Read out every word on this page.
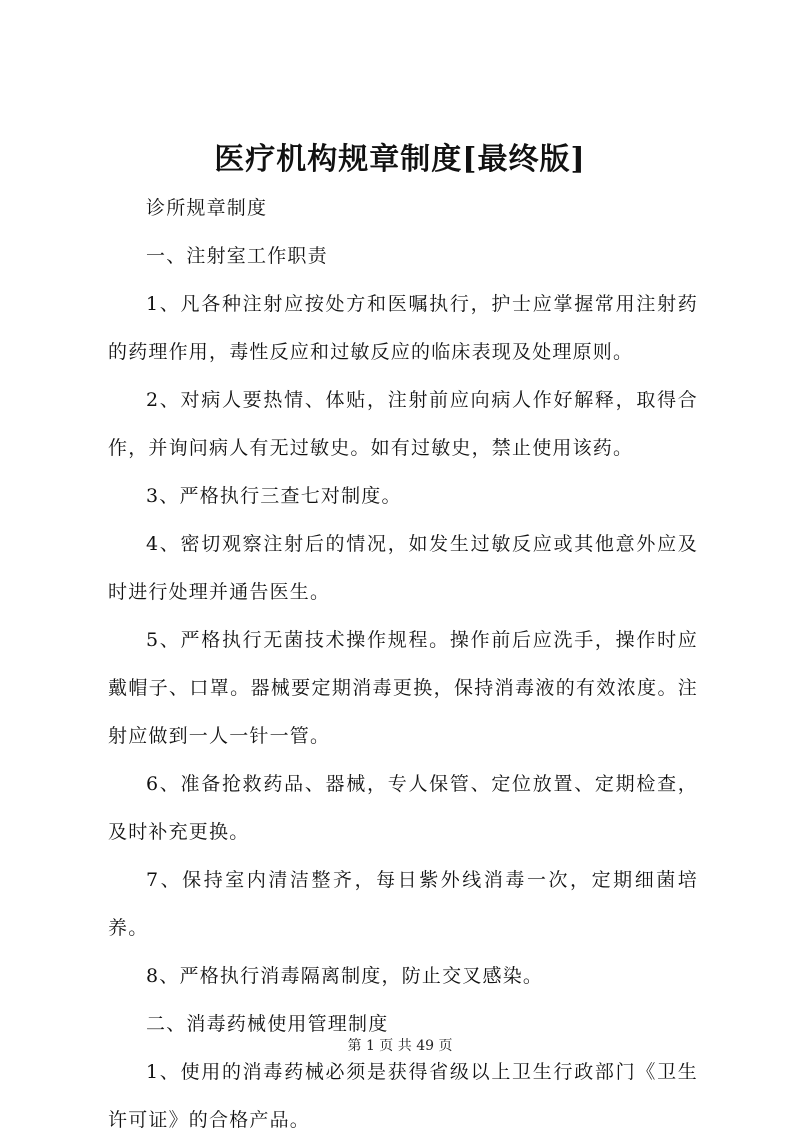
医疗机构规章制度[最终版]

诊所规章制度

一、注射室工作职责

1、凡各种注射应按处方和医嘱执行，护士应掌握常用注射药的药理作用，毒性反应和过敏反应的临床表现及处理原则。

2、对病人要热情、体贴，注射前应向病人作好解释，取得合作，并询问病人有无过敏史。如有过敏史，禁止使用该药。

3、严格执行三查七对制度。

4、密切观察注射后的情况，如发生过敏反应或其他意外应及时进行处理并通告医生。

5、严格执行无菌技术操作规程。操作前后应洗手，操作时应戴帽子、口罩。器械要定期消毒更换，保持消毒液的有效浓度。注射应做到一人一针一管。

6、准备抢救药品、器械，专人保管、定位放置、定期检查，及时补充更换。

7、保持室内清洁整齐，每日紫外线消毒一次，定期细菌培养。

8、严格执行消毒隔离制度，防止交叉感染。

二、消毒药械使用管理制度

1、使用的消毒药械必须是获得省级以上卫生行政部门《卫生许可证》的合格产品。

第 1 页 共 49 页
